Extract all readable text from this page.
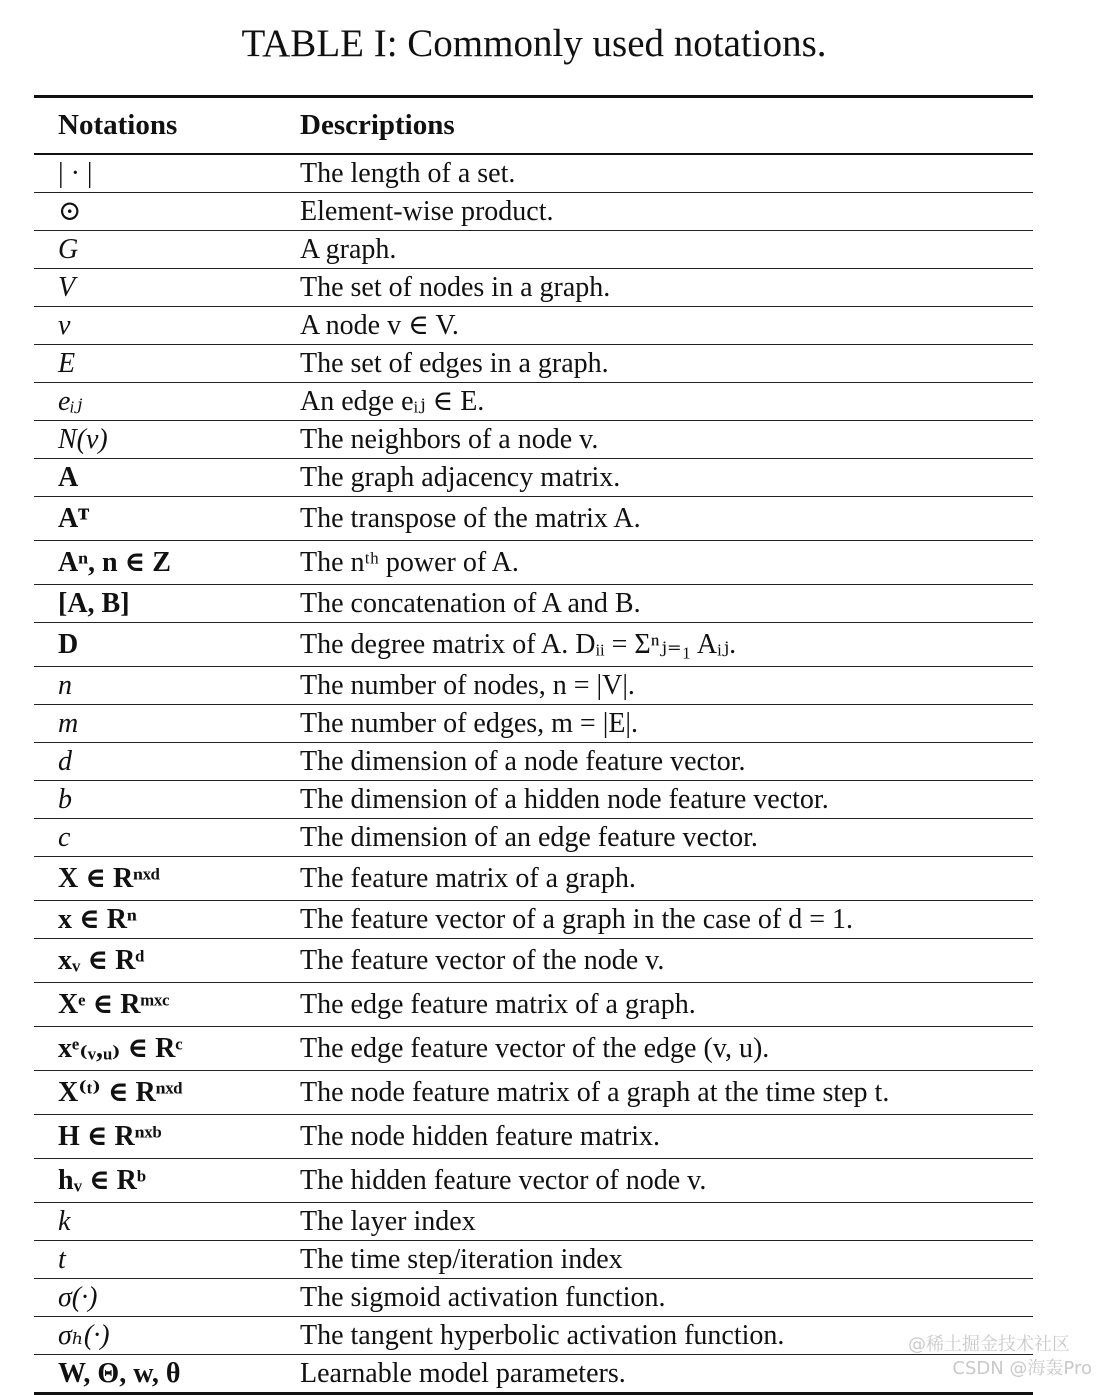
TABLE I: Commonly used notations.
Notations	Descriptions
| · |	The length of a set.
⊙	Element-wise product.
G	A graph.
V	The set of nodes in a graph.
v	A node v ∈ V.
E	The set of edges in a graph.
eᵢⱼ	An edge eᵢⱼ ∈ E.
N(v)	The neighbors of a node v.
A	The graph adjacency matrix.
Aᵀ	The transpose of the matrix A.
Aⁿ, n ∈ Z	The nᵗʰ power of A.
[A, B]	The concatenation of A and B.
D	The degree matrix of A. Dᵢᵢ = Σⁿⱼ₌₁ Aᵢⱼ.
n	The number of nodes, n = |V|.
m	The number of edges, m = |E|.
d	The dimension of a node feature vector.
b	The dimension of a hidden node feature vector.
c	The dimension of an edge feature vector.
X ∈ Rⁿˣᵈ	The feature matrix of a graph.
x ∈ Rⁿ	The feature vector of a graph in the case of d = 1.
xᵥ ∈ Rᵈ	The feature vector of the node v.
Xᵉ ∈ Rᵐˣᶜ	The edge feature matrix of a graph.
xᵉ₍ᵥ,ᵤ₎ ∈ Rᶜ	The edge feature vector of the edge (v, u).
X⁽ᵗ⁾ ∈ Rⁿˣᵈ	The node feature matrix of a graph at the time step t.
H ∈ Rⁿˣᵇ	The node hidden feature matrix.
hᵥ ∈ Rᵇ	The hidden feature vector of node v.
k	The layer index
t	The time step/iteration index
σ(·)	The sigmoid activation function.
σₕ(·)	The tangent hyperbolic activation function.
W, Θ, w, θ	Learnable model parameters.
@稀土掘金技术社区
CSDN @海轰Pro
